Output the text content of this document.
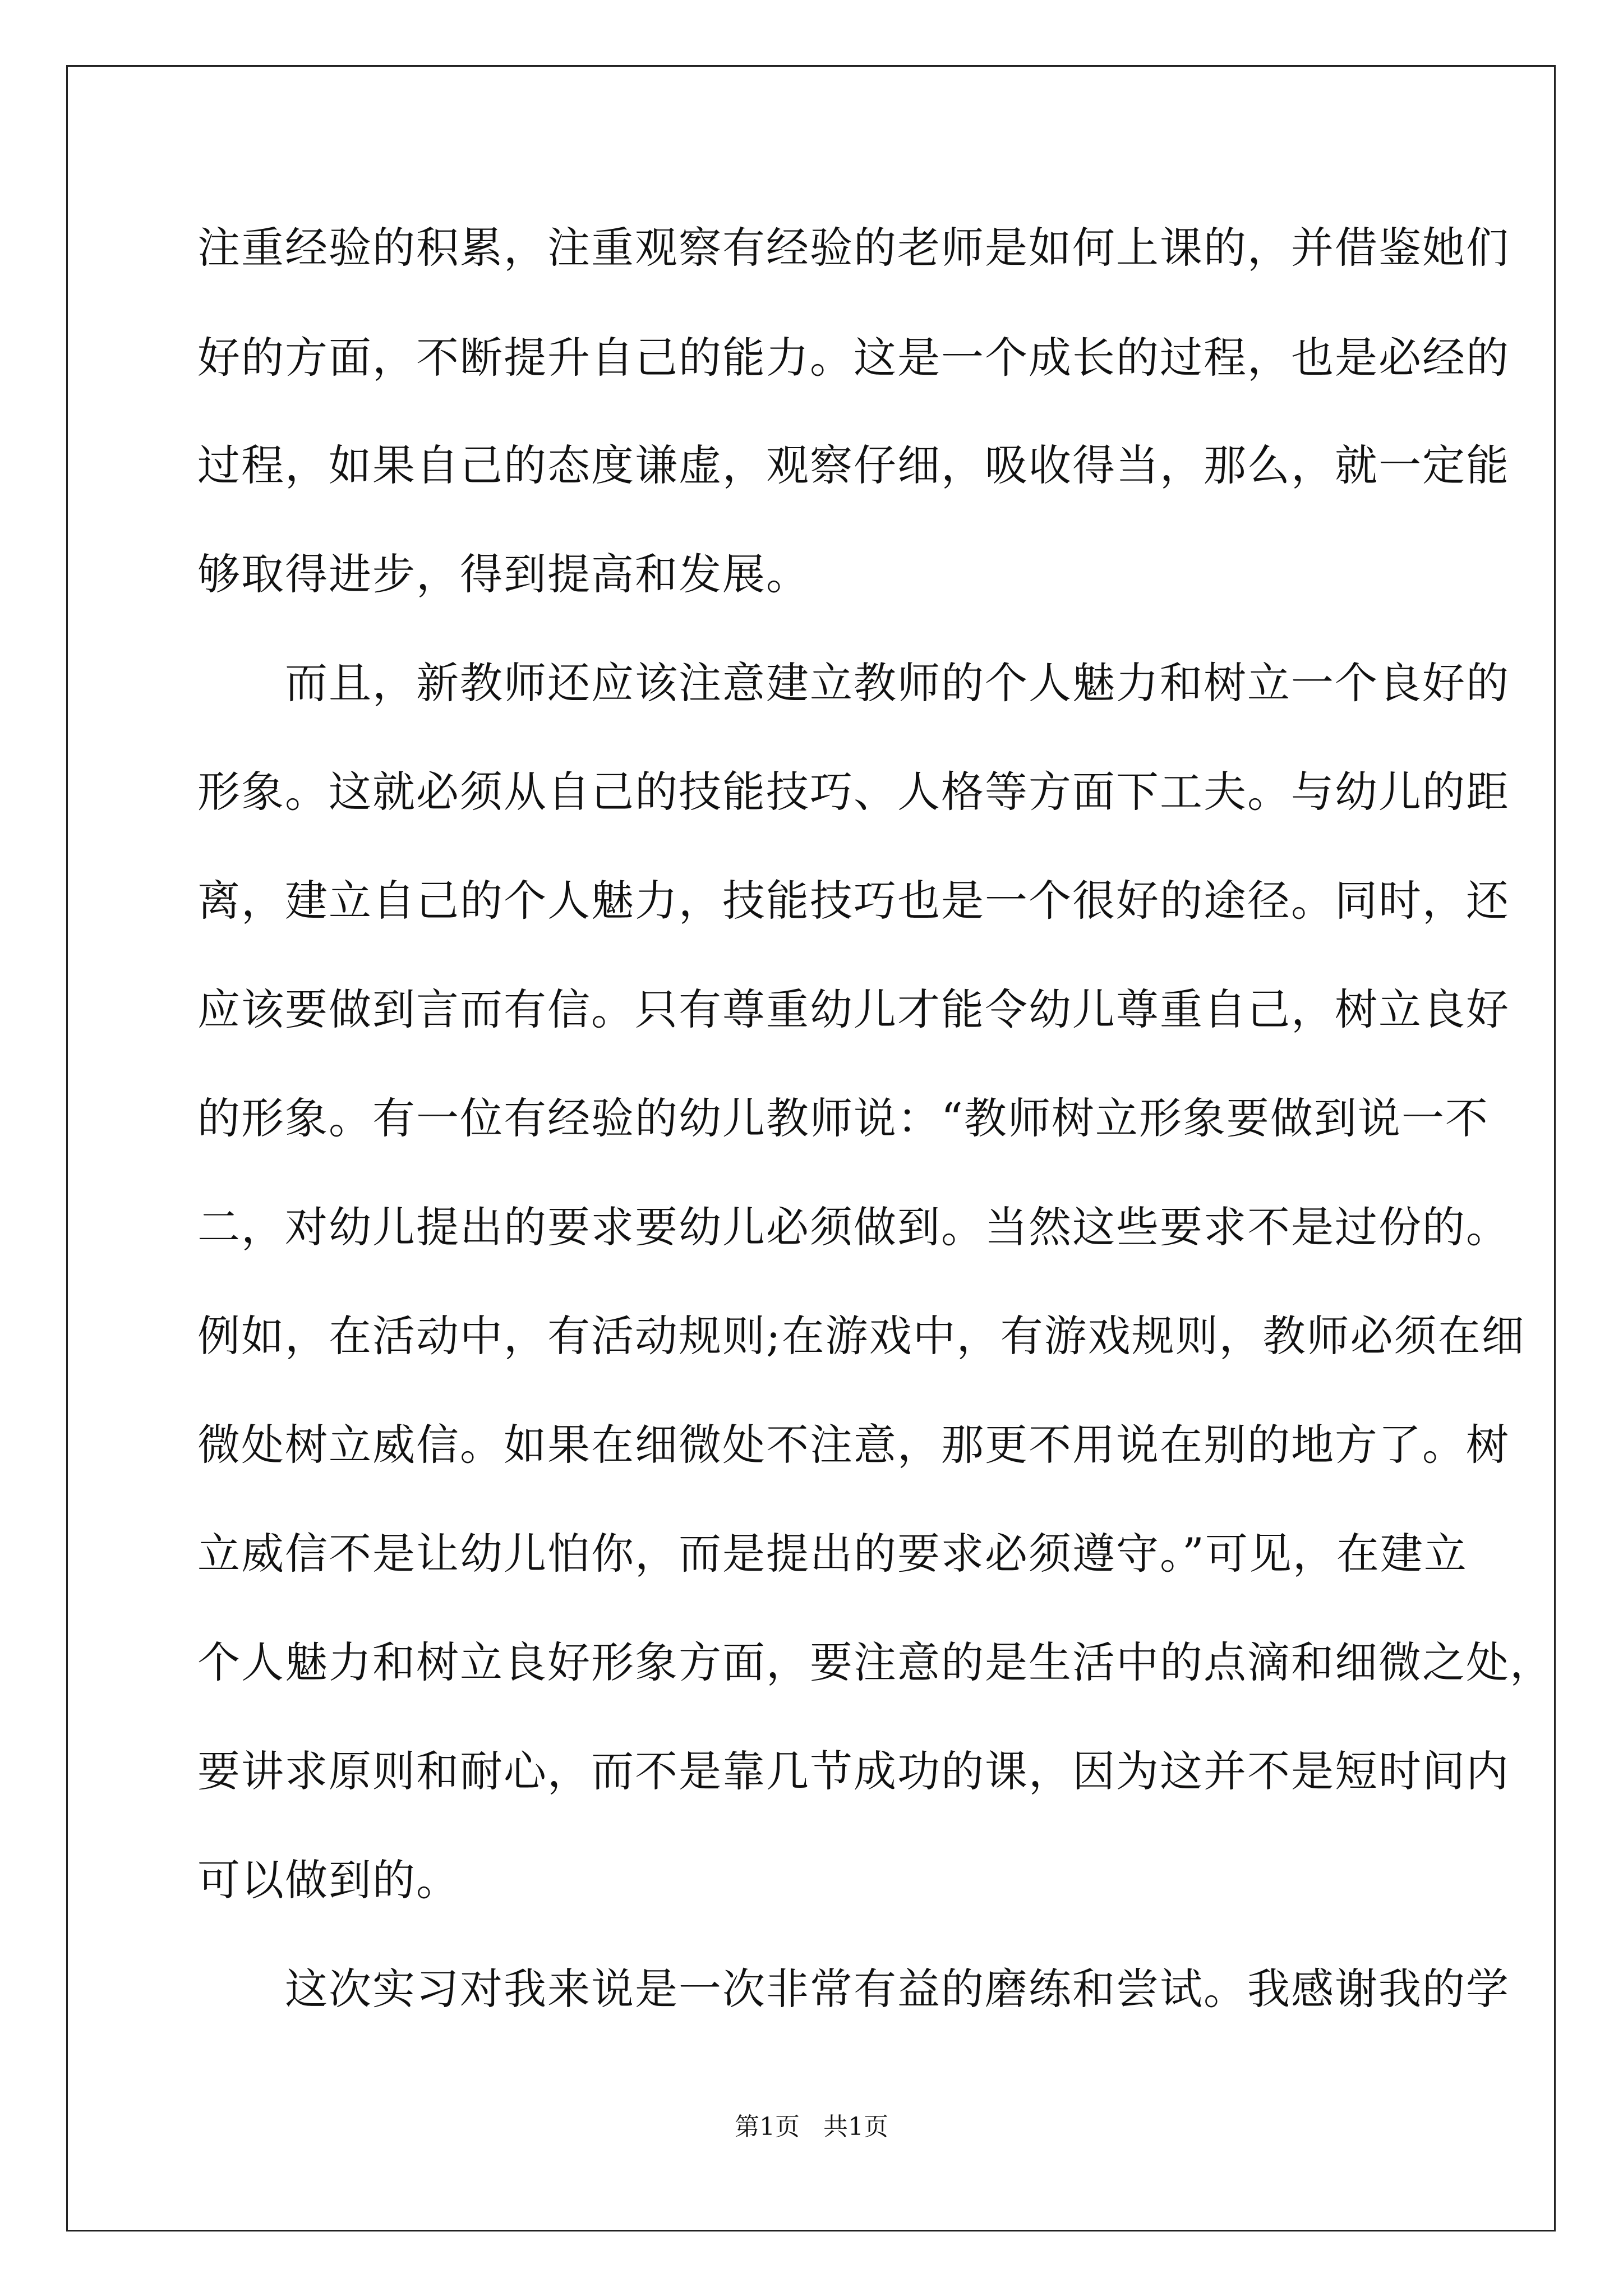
注重经验的积累，注重观察有经验的老师是如何上课的，并借鉴她们
好的方面，不断提升自己的能力。这是一个成长的过程，也是必经的
过程，如果自己的态度谦虚，观察仔细，吸收得当，那么，就一定能
够取得进步，得到提高和发展。
　　而且，新教师还应该注意建立教师的个人魅力和树立一个良好的
形象。这就必须从自己的技能技巧、人格等方面下工夫。与幼儿的距
离，建立自己的个人魅力，技能技巧也是一个很好的途径。同时，还
应该要做到言而有信。只有尊重幼儿才能令幼儿尊重自己，树立良好
的形象。有一位有经验的幼儿教师说：“教师树立形象要做到说一不
二，对幼儿提出的要求要幼儿必须做到。当然这些要求不是过份的。
例如，在活动中，有活动规则;在游戏中，有游戏规则，教师必须在细
微处树立威信。如果在细微处不注意，那更不用说在别的地方了。树
立威信不是让幼儿怕你，而是提出的要求必须遵守。”可见，在建立
个人魅力和树立良好形象方面，要注意的是生活中的点滴和细微之处，
要讲求原则和耐心，而不是靠几节成功的课，因为这并不是短时间内
可以做到的。
　　这次实习对我来说是一次非常有益的磨练和尝试。我感谢我的学
第1页 共1页
